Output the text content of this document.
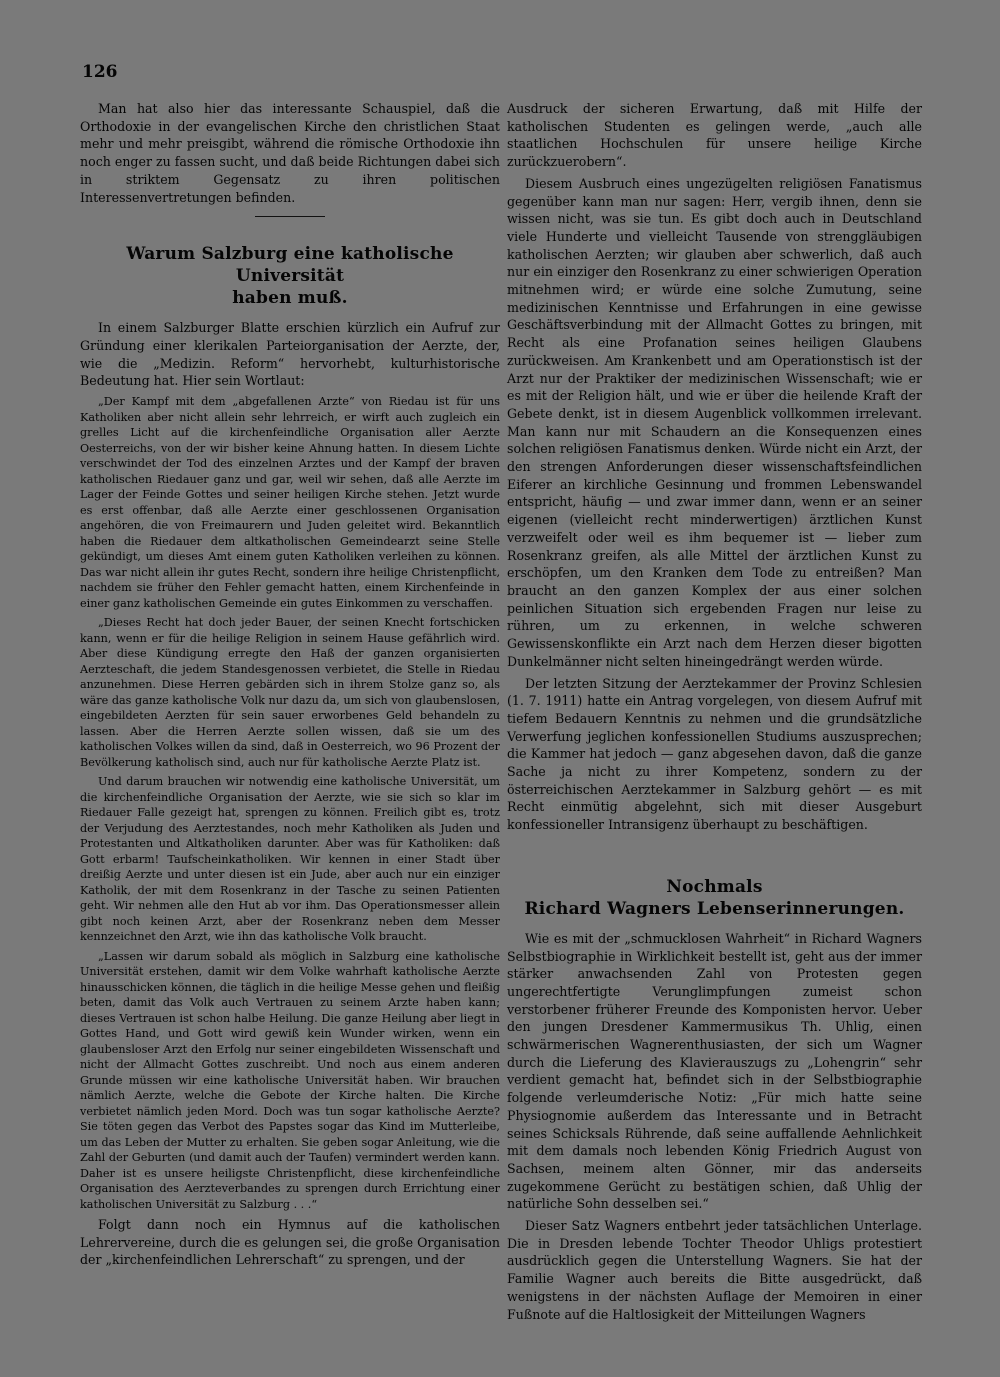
126

Man hat also hier das interessante Schauspiel, daß die Orthodoxie in der evangelischen Kirche den christlichen Staat mehr und mehr preisgibt, während die römische Orthodoxie ihn noch enger zu fassen sucht, und daß beide Richtungen dabei sich in striktem Gegensatz zu ihren politischen Interessenvertretungen befinden.

Warum Salzburg eine katholische Universität
haben muß.

In einem Salzburger Blatte erschien kürzlich ein Aufruf zur Gründung einer klerikalen Parteiorganisation der Aerzte, der, wie die „Medizin. Reform“ hervorhebt, kulturhistorische Bedeutung hat. Hier sein Wortlaut:

„Der Kampf mit dem „abgefallenen Arzte“ von Riedau ist für uns Katholiken aber nicht allein sehr lehrreich, er wirft auch zugleich ein grelles Licht auf die kirchenfeindliche Organisation aller Aerzte Oesterreichs, von der wir bisher keine Ahnung hatten. In diesem Lichte verschwindet der Tod des einzelnen Arztes und der Kampf der braven katholischen Riedauer ganz und gar, weil wir sehen, daß alle Aerzte im Lager der Feinde Gottes und seiner heiligen Kirche stehen. Jetzt wurde es erst offenbar, daß alle Aerzte einer geschlossenen Organisation angehören, die von Freimaurern und Juden geleitet wird. Bekanntlich haben die Riedauer dem altkatholischen Gemeindearzt seine Stelle gekündigt, um dieses Amt einem guten Katholiken verleihen zu können. Das war nicht allein ihr gutes Recht, sondern ihre heilige Christenpflicht, nachdem sie früher den Fehler gemacht hatten, einem Kirchenfeinde in einer ganz katholischen Gemeinde ein gutes Einkommen zu verschaffen.

„Dieses Recht hat doch jeder Bauer, der seinen Knecht fortschicken kann, wenn er für die heilige Religion in seinem Hause gefährlich wird. Aber diese Kündigung erregte den Haß der ganzen organisierten Aerzteschaft, die jedem Standesgenossen verbietet, die Stelle in Riedau anzunehmen. Diese Herren gebärden sich in ihrem Stolze ganz so, als wäre das ganze katholische Volk nur dazu da, um sich von glaubenslosen, eingebildeten Aerzten für sein sauer erworbenes Geld behandeln zu lassen. Aber die Herren Aerzte sollen wissen, daß sie um des katholischen Volkes willen da sind, daß in Oesterreich, wo 96 Prozent der Bevölkerung katholisch sind, auch nur für katholische Aerzte Platz ist.

Und darum brauchen wir notwendig eine katholische Universität, um die kirchenfeindliche Organisation der Aerzte, wie sie sich so klar im Riedauer Falle gezeigt hat, sprengen zu können. Freilich gibt es, trotz der Verjudung des Aerztestandes, noch mehr Katholiken als Juden und Protestanten und Altkatholiken darunter. Aber was für Katholiken: daß Gott erbarm! Taufscheinkatholiken. Wir kennen in einer Stadt über dreißig Aerzte und unter diesen ist ein Jude, aber auch nur ein einziger Katholik, der mit dem Rosenkranz in der Tasche zu seinen Patienten geht. Wir nehmen alle den Hut ab vor ihm. Das Operationsmesser allein gibt noch keinen Arzt, aber der Rosenkranz neben dem Messer kennzeichnet den Arzt, wie ihn das katholische Volk braucht.

„Lassen wir darum sobald als möglich in Salzburg eine katholische Universität erstehen, damit wir dem Volke wahrhaft katholische Aerzte hinausschicken können, die täglich in die heilige Messe gehen und fleißig beten, damit das Volk auch Vertrauen zu seinem Arzte haben kann; dieses Vertrauen ist schon halbe Heilung. Die ganze Heilung aber liegt in Gottes Hand, und Gott wird gewiß kein Wunder wirken, wenn ein glaubensloser Arzt den Erfolg nur seiner eingebildeten Wissenschaft und nicht der Allmacht Gottes zuschreibt. Und noch aus einem anderen Grunde müssen wir eine katholische Universität haben. Wir brauchen nämlich Aerzte, welche die Gebote der Kirche halten. Die Kirche verbietet nämlich jeden Mord. Doch was tun sogar katholische Aerzte? Sie töten gegen das Verbot des Papstes sogar das Kind im Mutterleibe, um das Leben der Mutter zu erhalten. Sie geben sogar Anleitung, wie die Zahl der Geburten (und damit auch der Taufen) vermindert werden kann. Daher ist es unsere heiligste Christenpflicht, diese kirchenfeindliche Organisation des Aerzteverbandes zu sprengen durch Errichtung einer katholischen Universität zu Salzburg . . .“

Folgt dann noch ein Hymnus auf die katholischen Lehrervereine, durch die es gelungen sei, die große Organisation der „kirchenfeindlichen Lehrerschaft“ zu sprengen, und der

Ausdruck der sicheren Erwartung, daß mit Hilfe der katholischen Studenten es gelingen werde, „auch alle staatlichen Hochschulen für unsere heilige Kirche zurückzuerobern“.

Diesem Ausbruch eines ungezügelten religiösen Fanatismus gegenüber kann man nur sagen: Herr, vergib ihnen, denn sie wissen nicht, was sie tun. Es gibt doch auch in Deutschland viele Hunderte und vielleicht Tausende von strenggläubigen katholischen Aerzten; wir glauben aber schwerlich, daß auch nur ein einziger den Rosenkranz zu einer schwierigen Operation mitnehmen wird; er würde eine solche Zumutung, seine medizinischen Kenntnisse und Erfahrungen in eine gewisse Geschäftsverbindung mit der Allmacht Gottes zu bringen, mit Recht als eine Profanation seines heiligen Glaubens zurückweisen. Am Krankenbett und am Operationstisch ist der Arzt nur der Praktiker der medizinischen Wissenschaft; wie er es mit der Religion hält, und wie er über die heilende Kraft der Gebete denkt, ist in diesem Augenblick vollkommen irrelevant. Man kann nur mit Schaudern an die Konsequenzen eines solchen religiösen Fanatismus denken. Würde nicht ein Arzt, der den strengen Anforderungen dieser wissenschaftsfeindlichen Eiferer an kirchliche Gesinnung und frommen Lebenswandel entspricht, häufig — und zwar immer dann, wenn er an seiner eigenen (vielleicht recht minderwertigen) ärztlichen Kunst verzweifelt oder weil es ihm bequemer ist — lieber zum Rosenkranz greifen, als alle Mittel der ärztlichen Kunst zu erschöpfen, um den Kranken dem Tode zu entreißen? Man braucht an den ganzen Komplex der aus einer solchen peinlichen Situation sich ergebenden Fragen nur leise zu rühren, um zu erkennen, in welche schweren Gewissenskonflikte ein Arzt nach dem Herzen dieser bigotten Dunkelmänner nicht selten hineingedrängt werden würde.

Der letzten Sitzung der Aerztekammer der Provinz Schlesien (1. 7. 1911) hatte ein Antrag vorgelegen, von diesem Aufruf mit tiefem Bedauern Kenntnis zu nehmen und die grundsätzliche Verwerfung jeglichen konfessionellen Studiums auszusprechen; die Kammer hat jedoch — ganz abgesehen davon, daß die ganze Sache ja nicht zu ihrer Kompetenz, sondern zu der österreichischen Aerztekammer in Salzburg gehört — es mit Recht einmütig abgelehnt, sich mit dieser Ausgeburt konfessioneller Intransigenz überhaupt zu beschäftigen.

Nochmals
Richard Wagners Lebenserinnerungen.

Wie es mit der „schmucklosen Wahrheit“ in Richard Wagners Selbstbiographie in Wirklichkeit bestellt ist, geht aus der immer stärker anwachsenden Zahl von Protesten gegen ungerechtfertigte Verunglimpfungen zumeist schon verstorbener früherer Freunde des Komponisten hervor. Ueber den jungen Dresdener Kammermusikus Th. Uhlig, einen schwärmerischen Wagnerenthusiasten, der sich um Wagner durch die Lieferung des Klavierauszugs zu „Lohengrin“ sehr verdient gemacht hat, befindet sich in der Selbstbiographie folgende verleumderische Notiz: „Für mich hatte seine Physiognomie außerdem das Interessante und in Betracht seines Schicksals Rührende, daß seine auffallende Aehnlichkeit mit dem damals noch lebenden König Friedrich August von Sachsen, meinem alten Gönner, mir das anderseits zugekommene Gerücht zu bestätigen schien, daß Uhlig der natürliche Sohn desselben sei.“

Dieser Satz Wagners entbehrt jeder tatsächlichen Unterlage. Die in Dresden lebende Tochter Theodor Uhligs protestiert ausdrücklich gegen die Unterstellung Wagners. Sie hat der Familie Wagner auch bereits die Bitte ausgedrückt, daß wenigstens in der nächsten Auflage der Memoiren in einer Fußnote auf die Haltlosigkeit der Mitteilungen Wagners
